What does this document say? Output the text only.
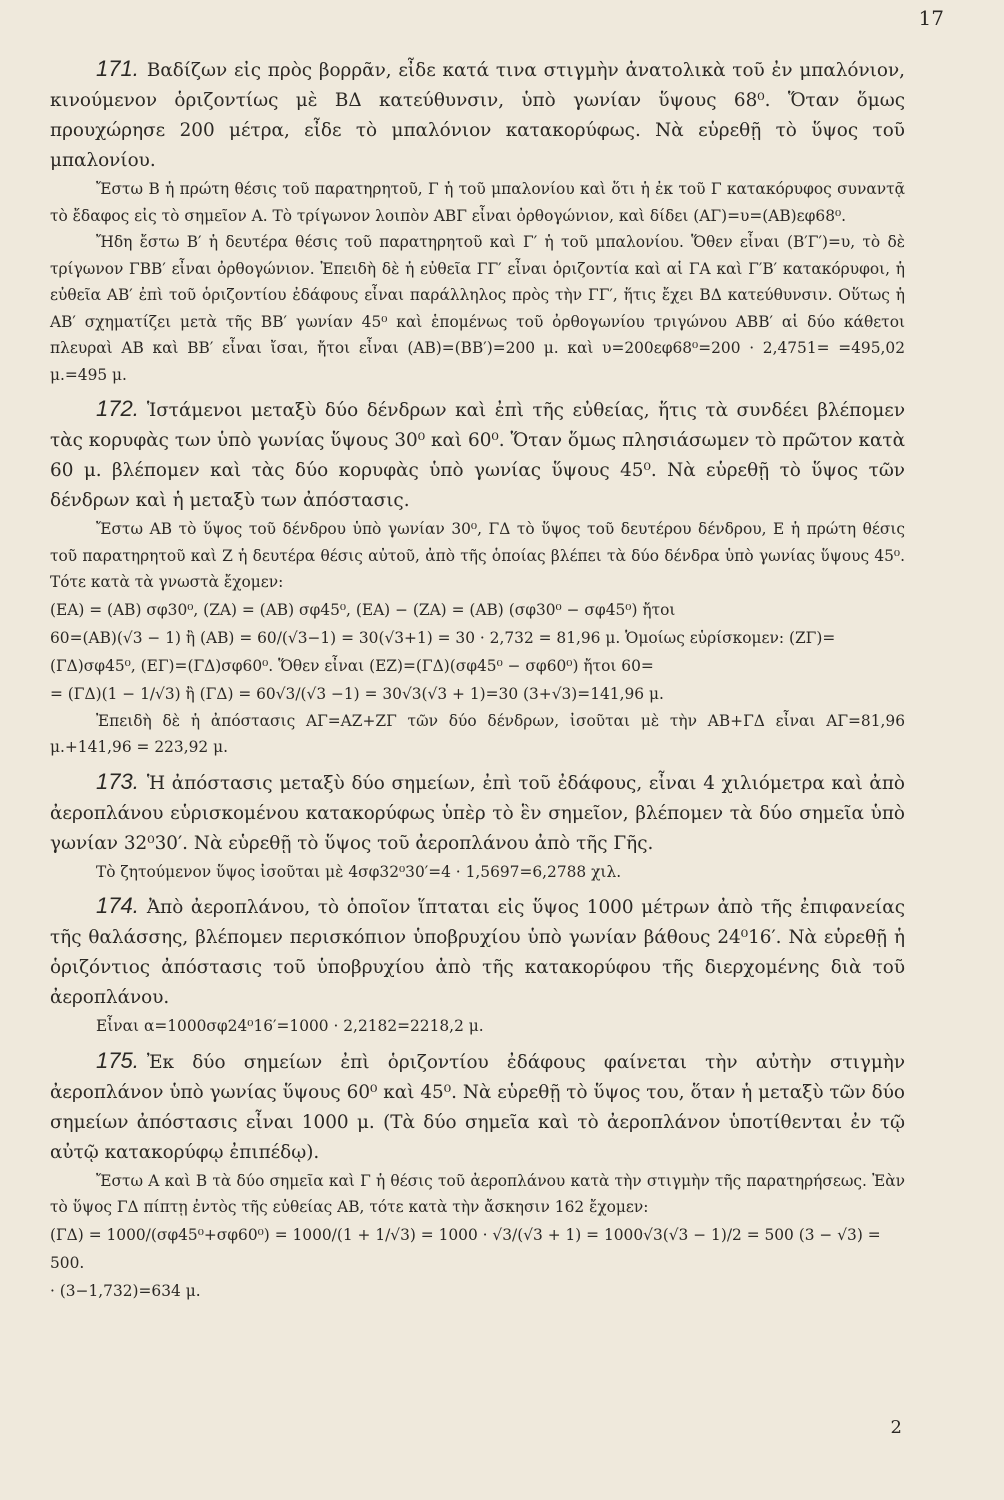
17
171. Βαδίζων εἰς πρὸς βορρᾶν, εἶδε κατά τινα στιγμὴν ἀνατολικὰ τοῦ ἐν μπαλόνιον, κινούμενον ὁριζοντίως μὲ ΒΔ κατεύθυνσιν, ὑπὸ γωνίαν ὕψους 68⁰. Ὅταν ὅμως προυχώρησε 200 μέτρα, εἶδε τὸ μπαλόνιον κατακορύφως. Νὰ εὑρεθῇ τὸ ὕψος τοῦ μπαλονίου.
Ἔστω Β ἡ πρώτη θέσις τοῦ παρατηρητοῦ, Γ ἡ τοῦ μπαλονίου καὶ ὅτι ἡ ἐκ τοῦ Γ κατακόρυφος συναντᾷ τὸ ἔδαφος εἰς τὸ σημεῖον Α. Τὸ τρίγωνον λοιπὸν ΑΒΓ εἶναι ὀρθογώνιον, καὶ δίδει (ΑΓ)=υ=(ΑΒ)εφ68⁰.
Ἤδη ἔστω Β′ ἡ δευτέρα θέσις τοῦ παρατηρητοῦ καὶ Γ′ ἡ τοῦ μπαλονίου. Ὅθεν εἶναι (Β′Γ′)=υ, τὸ δὲ τρίγωνον ΓΒΒ′ εἶναι ὀρθογώνιον. Ἐπειδὴ δὲ ἡ εὐθεῖα ΓΓ′ εἶναι ὁριζοντία καὶ αἱ ΓΑ καὶ Γ′Β′ κατακόρυφοι, ἡ εὐθεῖα ΑΒ′ ἐπὶ τοῦ ὁριζοντίου ἐδάφους εἶναι παράλληλος πρὸς τὴν ΓΓ′, ἥτις ἔχει ΒΔ κατεύθυνσιν. Οὕτως ἡ ΑΒ′ σχηματίζει μετὰ τῆς ΒΒ′ γωνίαν 45⁰ καὶ ἑπομένως τοῦ ὀρθογωνίου τριγώνου ΑΒΒ′ αἱ δύο κάθετοι πλευραὶ ΑΒ καὶ ΒΒ′ εἶναι ἴσαι, ἤτοι εἶναι (ΑΒ)=(ΒΒ′)=200 μ. καὶ υ=200εφ68⁰=200 · 2,4751= =495,02 μ.=495 μ.
172. Ἱστάμενοι μεταξὺ δύο δένδρων καὶ ἐπὶ τῆς εὐθείας, ἥτις τὰ συνδέει βλέπομεν τὰς κορυφὰς των ὑπὸ γωνίας ὕψους 30⁰ καὶ 60⁰. Ὅταν ὅμως πλησιάσωμεν τὸ πρῶτον κατὰ 60 μ. βλέπομεν καὶ τὰς δύο κορυφὰς ὑπὸ γωνίας ὕψους 45⁰. Νὰ εὑρεθῇ τὸ ὕψος τῶν δένδρων καὶ ἡ μεταξὺ των ἀπόστασις.
Ἔστω ΑΒ τὸ ὕψος τοῦ δένδρου ὑπὸ γωνίαν 30⁰, ΓΔ τὸ ὕψος τοῦ δευτέρου δένδρου, Ε ἡ πρώτη θέσις τοῦ παρατηρητοῦ καὶ Ζ ἡ δευτέρα θέσις αὐτοῦ, ἀπὸ τῆς ὁποίας βλέπει τὰ δύο δένδρα ὑπὸ γωνίας ὕψους 45⁰. Τότε κατὰ τὰ γνωστὰ ἔχομεν:
(ΕΑ) = (ΑΒ) σφ30⁰, (ΖΑ) = (ΑΒ) σφ45⁰, (ΕΑ) − (ΖΑ) = (ΑΒ) (σφ30⁰ − σφ45⁰) ἤτοι
60=(ΑΒ)(√3 − 1) ἢ (ΑΒ) = 60/(√3−1) = 30(√3+1) = 30 · 2,732 = 81,96 μ. Ὁμοίως εὑρίσκομεν: (ΖΓ)=(ΓΔ)σφ45⁰, (ΕΓ)=(ΓΔ)σφ60⁰. Ὅθεν εἶναι (ΕΖ)=(ΓΔ)(σφ45⁰ − σφ60⁰) ἤτοι 60=
= (ΓΔ)(1 − 1/√3) ἢ (ΓΔ) = 60√3/(√3 −1) = 30√3(√3 + 1)=30 (3+√3)=141,96 μ.
Ἐπειδὴ δὲ ἡ ἀπόστασις ΑΓ=ΑΖ+ΖΓ τῶν δύο δένδρων, ἰσοῦται μὲ τὴν ΑΒ+ΓΔ εἶναι ΑΓ=81,96 μ.+141,96 = 223,92 μ.
173. Ἡ ἀπόστασις μεταξὺ δύο σημείων, ἐπὶ τοῦ ἐδάφους, εἶναι 4 χιλιόμετρα καὶ ἀπὸ ἀεροπλάνου εὑρισκομένου κατακορύφως ὑπὲρ τὸ ἓν σημεῖον, βλέπομεν τὰ δύο σημεῖα ὑπὸ γωνίαν 32⁰30′. Νὰ εὑρεθῇ τὸ ὕψος τοῦ ἀεροπλάνου ἀπὸ τῆς Γῆς.
Τὸ ζητούμενον ὕψος ἰσοῦται μὲ 4σφ32⁰30′=4 · 1,5697=6,2788 χιλ.
174. Ἀπὸ ἀεροπλάνου, τὸ ὁποῖον ἵπταται εἰς ὕψος 1000 μέτρων ἀπὸ τῆς ἐπιφανείας τῆς θαλάσσης, βλέπομεν περισκόπιον ὑποβρυχίου ὑπὸ γωνίαν βάθους 24⁰16′. Νὰ εὑρεθῇ ἡ ὁριζόντιος ἀπόστασις τοῦ ὑποβρυχίου ἀπὸ τῆς κατακορύφου τῆς διερχομένης διὰ τοῦ ἀεροπλάνου.
Εἶναι α=1000σφ24⁰16′=1000 · 2,2182=2218,2 μ.
175. Ἐκ δύο σημείων ἐπὶ ὁριζοντίου ἐδάφους φαίνεται τὴν αὐτὴν στιγμὴν ἀεροπλάνον ὑπὸ γωνίας ὕψους 60⁰ καὶ 45⁰. Νὰ εὑρεθῇ τὸ ὕψος του, ὅταν ἡ μεταξὺ τῶν δύο σημείων ἀπόστασις εἶναι 1000 μ. (Τὰ δύο σημεῖα καὶ τὸ ἀεροπλάνον ὑποτίθενται ἐν τῷ αὐτῷ κατακορύφῳ ἐπιπέδῳ).
Ἔστω Α καὶ Β τὰ δύο σημεῖα καὶ Γ ἡ θέσις τοῦ ἀεροπλάνου κατὰ τὴν στιγμὴν τῆς παρατηρήσεως. Ἐὰν τὸ ὕψος ΓΔ πίπτῃ ἐντὸς τῆς εὐθείας ΑΒ, τότε κατὰ τὴν ἄσκησιν 162 ἔχομεν:
(ΓΔ) = 1000/(σφ45⁰+σφ60⁰) = 1000/(1 + 1/√3) = 1000 · √3/(√3 + 1) = 1000√3(√3 − 1)/2 = 500 (3 − √3) = 500.
· (3−1,732)=634 μ.
2
